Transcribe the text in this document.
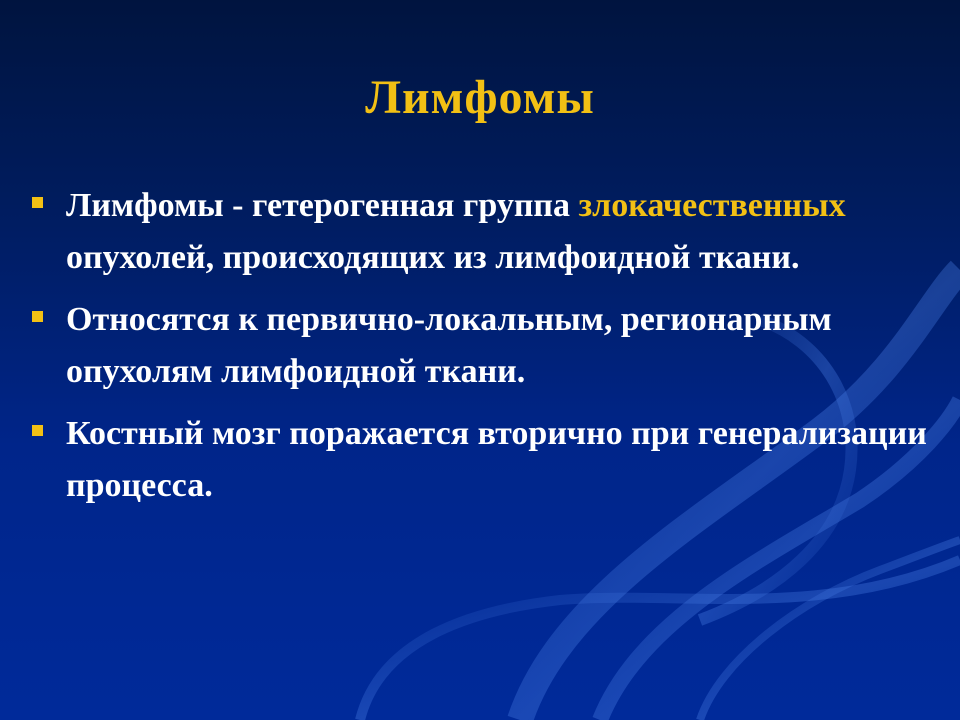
Лимфомы
Лимфомы - гетерогенная группа злокачественных опухолей, происходящих из лимфоидной ткани.
Относятся к первично-локальным, регионарным опухолям лимфоидной ткани.
Костный мозг поражается вторично при генерализации процесса.
